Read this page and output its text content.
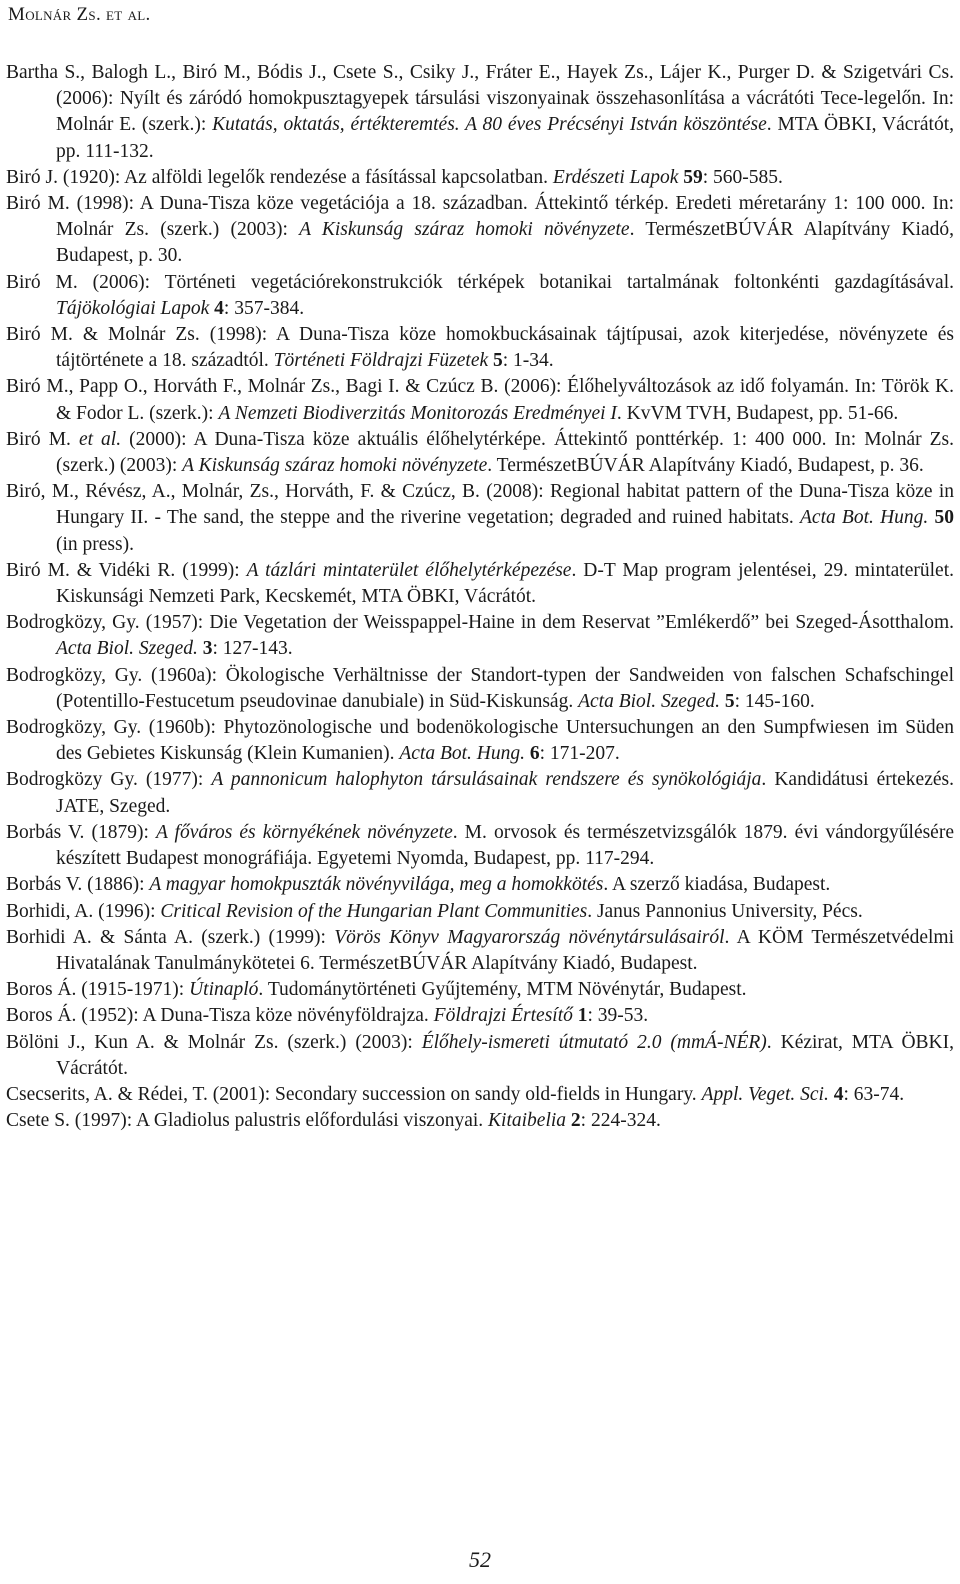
Molnár Zs. et al.

Bartha S., Balogh L., Biró M., Bódis J., Csete S., Csiky J., Fráter E., Hayek Zs., Lájer K., Purger D. & Szigetvári Cs. (2006): Nyílt és záródó homokpusztagyepek társulási viszonyainak összehasonlítása a vácrátóti Tece-legelőn. In: Molnár E. (szerk.): Kutatás, oktatás, értékteremtés. A 80 éves Précsényi István köszöntése. MTA ÖBKI, Vácrátót, pp. 111-132.

Biró J. (1920): Az alföldi legelők rendezése a fásítással kapcsolatban. Erdészeti Lapok 59: 560-585.

Biró M. (1998): A Duna-Tisza köze vegetációja a 18. században. Áttekintő térkép. Eredeti méretarány 1: 100 000. In: Molnár Zs. (szerk.) (2003): A Kiskunság száraz homoki növényzete. TermészetBÚVÁR Alapítvány Kiadó, Budapest, p. 30.

Biró M. (2006): Történeti vegetációrekonstrukciók térképek botanikai tartalmának foltonkénti gazdagításával. Tájökológiai Lapok 4: 357-384.

Biró M. & Molnár Zs. (1998): A Duna-Tisza köze homokbuckásainak tájtípusai, azok kiterjedése, növényzete és tájtörténete a 18. századtól. Történeti Földrajzi Füzetek 5: 1-34.

Biró M., Papp O., Horváth F., Molnár Zs., Bagi I. & Czúcz B. (2006): Élőhelyváltozások az idő folyamán. In: Török K. & Fodor L. (szerk.): A Nemzeti Biodiverzitás Monitorozás Eredményei I. KvVM TVH, Budapest, pp. 51-66.

Biró M. et al. (2000): A Duna-Tisza köze aktuális élőhelytérképe. Áttekintő ponttérkép. 1: 400 000. In: Molnár Zs. (szerk.) (2003): A Kiskunság száraz homoki növényzete. TermészetBÚVÁR Alapítvány Kiadó, Budapest, p. 36.

Biró, M., Révész, A., Molnár, Zs., Horváth, F. & Czúcz, B. (2008): Regional habitat pattern of the Duna-Tisza köze in Hungary II. - The sand, the steppe and the riverine vegetation; degraded and ruined habitats. Acta Bot. Hung. 50 (in press).

Biró M. & Vidéki R. (1999): A tázlári mintaterület élőhelytérképezése. D-T Map program jelentései, 29. mintaterület. Kiskunsági Nemzeti Park, Kecskemét, MTA ÖBKI, Vácrátót.

Bodrogközy, Gy. (1957): Die Vegetation der Weisspappel-Haine in dem Reservat ”Emlékerdő” bei Szeged-Ásotthalom. Acta Biol. Szeged. 3: 127-143.

Bodrogközy, Gy. (1960a): Ökologische Verhältnisse der Standort-typen der Sandweiden von falschen Schafschingel (Potentillo-Festucetum pseudovinae danubiale) in Süd-Kiskunság. Acta Biol. Szeged. 5: 145-160.

Bodrogközy, Gy. (1960b): Phytozönologische und bodenökologische Untersuchungen an den Sumpfwiesen im Süden des Gebietes Kiskunság (Klein Kumanien). Acta Bot. Hung. 6: 171-207.

Bodrogközy Gy. (1977): A pannonicum halophyton társulásainak rendszere és synökológiája. Kandidátusi értekezés. JATE, Szeged.

Borbás V. (1879): A főváros és környékének növényzete. M. orvosok és természetvizsgálók 1879. évi vándorgyűlésére készített Budapest monográfiája. Egyetemi Nyomda, Budapest, pp. 117-294.

Borbás V. (1886): A magyar homokpuszták növényvilága, meg a homokkötés. A szerző kiadása, Budapest.

Borhidi, A. (1996): Critical Revision of the Hungarian Plant Communities. Janus Pannonius University, Pécs.

Borhidi A. & Sánta A. (szerk.) (1999): Vörös Könyv Magyarország növénytársulásairól. A KÖM Természetvédelmi Hivatalának Tanulmánykötetei 6. TermészetBÚVÁR Alapítvány Kiadó, Budapest.

Boros Á. (1915-1971): Útinapló. Tudománytörténeti Gyűjtemény, MTM Növénytár, Budapest.

Boros Á. (1952): A Duna-Tisza köze növényföldrajza. Földrajzi Értesítő 1: 39-53.

Bölöni J., Kun A. & Molnár Zs. (szerk.) (2003): Élőhely-ismereti útmutató 2.0 (mmÁ-NÉR). Kézirat, MTA ÖBKI, Vácrátót.

Csecserits, A. & Rédei, T. (2001): Secondary succession on sandy old-fields in Hungary. Appl. Veget. Sci. 4: 63-74.

Csete S. (1997): A Gladiolus palustris előfordulási viszonyai. Kitaibelia 2: 224-324.

52
